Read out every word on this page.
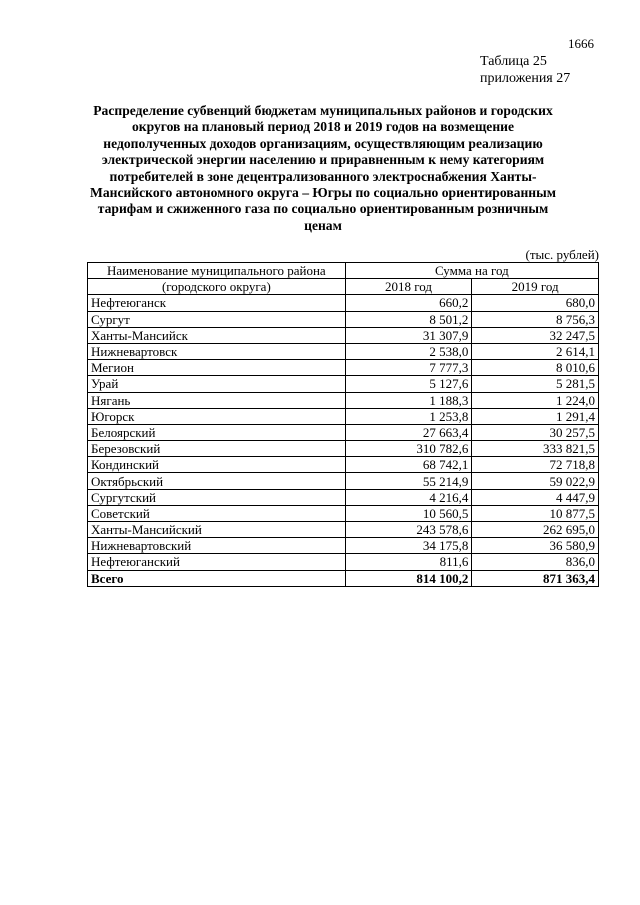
1666
Таблица 25
приложения 27
Распределение субвенций бюджетам муниципальных районов и городских округов на плановый период 2018 и 2019 годов на возмещение недополученных доходов организациям, осуществляющим реализацию электрической энергии населению и приравненным к нему категориям потребителей в зоне децентрализованного электроснабжения Ханты-Мансийского автономного округа – Югры по социально ориентированным тарифам и сжиженного газа по социально ориентированным розничным ценам
(тыс. рублей)
Наименование муниципального района	Сумма на год	
(городского округа)	2018 год	2019 год
Нефтеюганск	660,2	680,0
Сургут	8 501,2	8 756,3
Ханты-Мансийск	31 307,9	32 247,5
Нижневартовск	2 538,0	2 614,1
Мегион	7 777,3	8 010,6
Урай	5 127,6	5 281,5
Нягань	1 188,3	1 224,0
Югорск	1 253,8	1 291,4
Белоярский	27 663,4	30 257,5
Березовский	310 782,6	333 821,5
Кондинский	68 742,1	72 718,8
Октябрьский	55 214,9	59 022,9
Сургутский	4 216,4	4 447,9
Советский	10 560,5	10 877,5
Ханты-Мансийский	243 578,6	262 695,0
Нижневартовский	34 175,8	36 580,9
Нефтеюганский	811,6	836,0
Всего	814 100,2	871 363,4
